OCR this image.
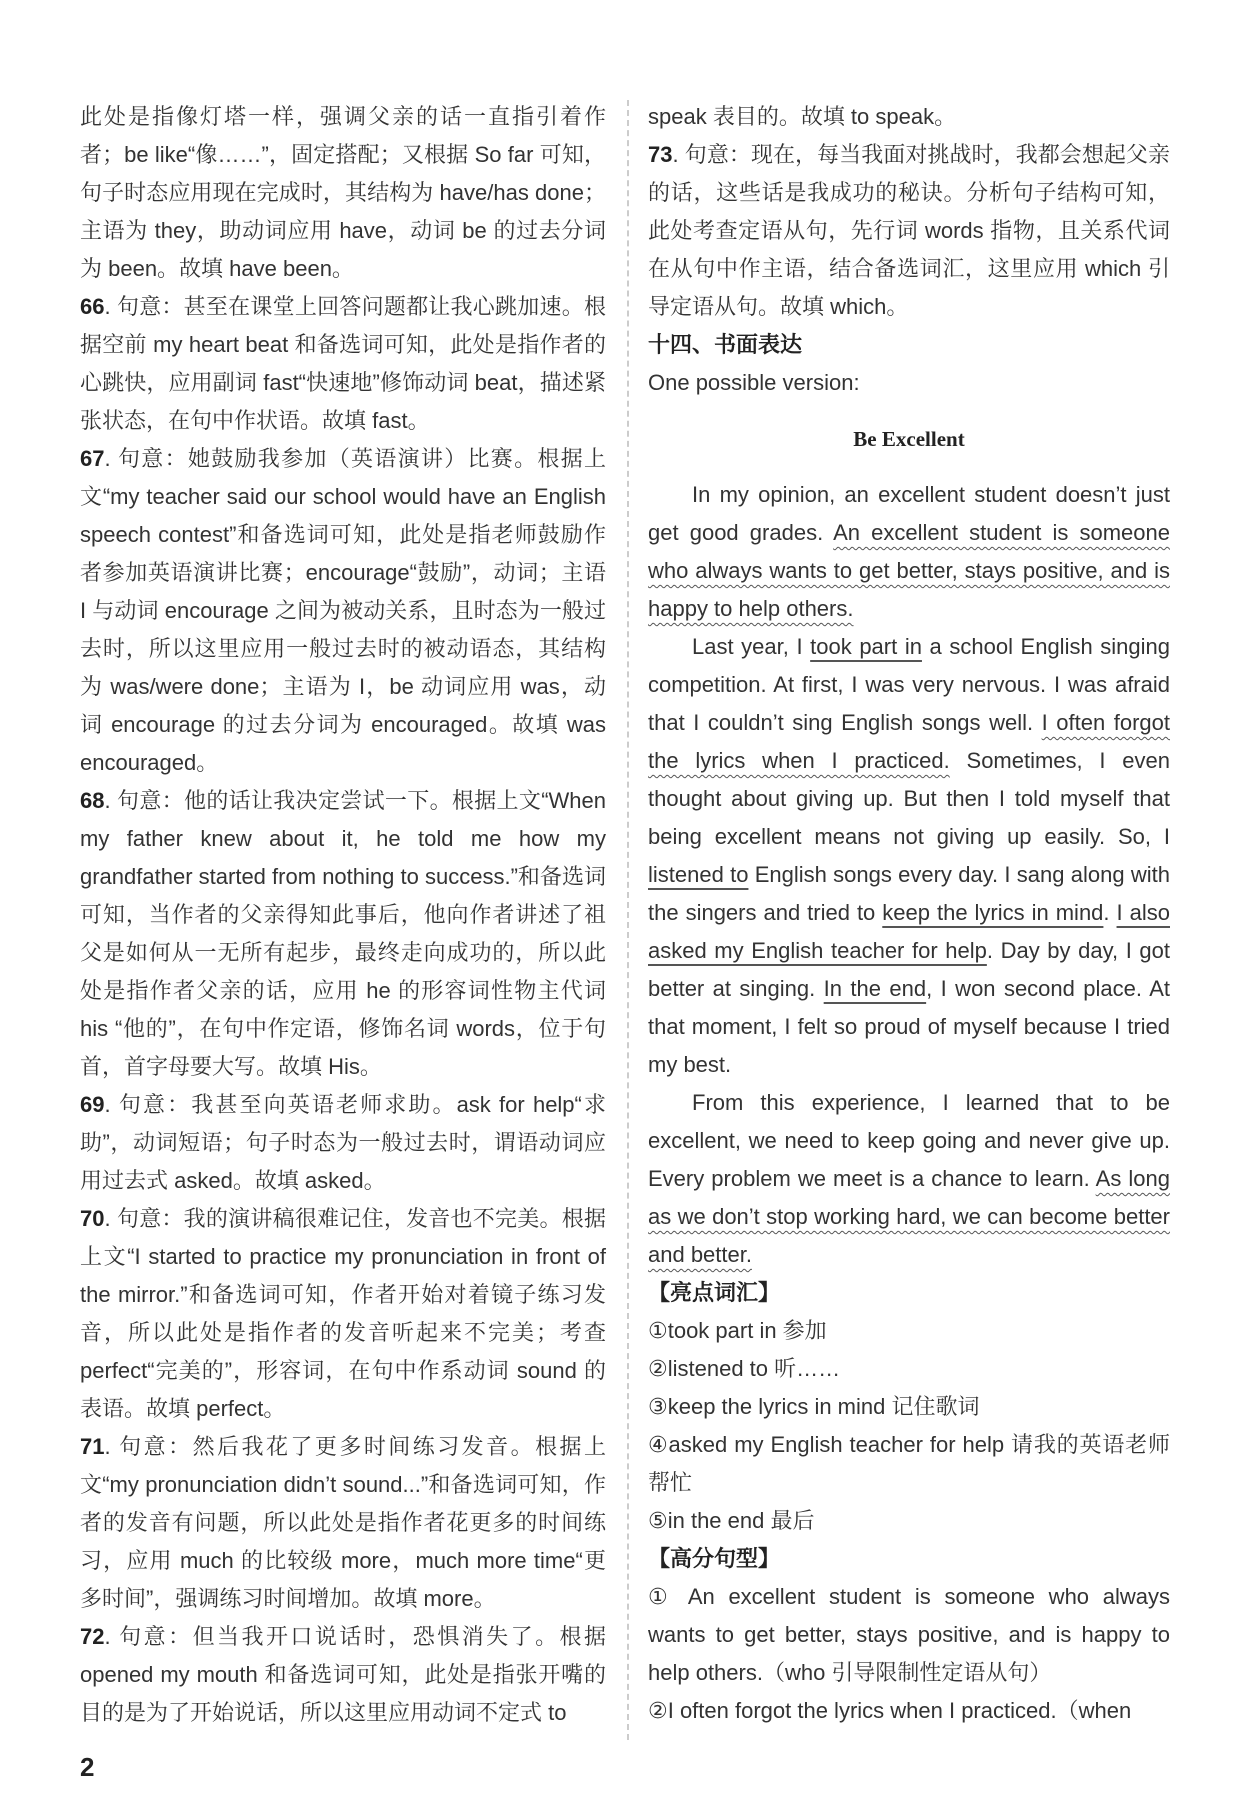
此处是指像灯塔一样，强调父亲的话一直指引着作者；be like“像……”，固定搭配；又根据 So far 可知，句子时态应用现在完成时，其结构为 have/has done；主语为 they，助动词应用 have，动词 be 的过去分词为 been。故填 have been。

66. 句意：甚至在课堂上回答问题都让我心跳加速。根据空前 my heart beat 和备选词可知，此处是指作者的心跳快，应用副词 fast“快速地”修饰动词 beat，描述紧张状态，在句中作状语。故填 fast。

67. 句意：她鼓励我参加（英语演讲）比赛。根据上文“my teacher said our school would have an English speech contest”和备选词可知，此处是指老师鼓励作者参加英语演讲比赛；encourage“鼓励”，动词；主语 I 与动词 encourage 之间为被动关系，且时态为一般过去时，所以这里应用一般过去时的被动语态，其结构为 was/were done；主语为 I，be 动词应用 was，动词 encourage 的过去分词为 encouraged。故填 was encouraged。

68. 句意：他的话让我决定尝试一下。根据上文“When my father knew about it, he told me how my grandfather started from nothing to success.”和备选词可知，当作者的父亲得知此事后，他向作者讲述了祖父是如何从一无所有起步，最终走向成功的，所以此处是指作者父亲的话，应用 he 的形容词性物主代词 his “他的”，在句中作定语，修饰名词 words，位于句首，首字母要大写。故填 His。

69. 句意：我甚至向英语老师求助。ask for help“求助”，动词短语；句子时态为一般过去时，谓语动词应用过去式 asked。故填 asked。

70. 句意：我的演讲稿很难记住，发音也不完美。根据上文“I started to practice my pronunciation in front of the mirror.”和备选词可知，作者开始对着镜子练习发音，所以此处是指作者的发音听起来不完美；考查 perfect“完美的”，形容词，在句中作系动词 sound 的表语。故填 perfect。

71. 句意：然后我花了更多时间练习发音。根据上文“my pronunciation didn’t sound...”和备选词可知，作者的发音有问题，所以此处是指作者花更多的时间练习，应用 much 的比较级 more，much more time“更多时间”，强调练习时间增加。故填 more。

72. 句意：但当我开口说话时，恐惧消失了。根据 opened my mouth 和备选词可知，此处是指张开嘴的目的是为了开始说话，所以这里应用动词不定式 to

speak 表目的。故填 to speak。

73. 句意：现在，每当我面对挑战时，我都会想起父亲的话，这些话是我成功的秘诀。分析句子结构可知，此处考查定语从句，先行词 words 指物，且关系代词在从句中作主语，结合备选词汇，这里应用 which 引导定语从句。故填 which。

十四、书面表达

One possible version:

Be Excellent

In my opinion, an excellent student doesn’t just get good grades. An excellent student is someone who always wants to get better, stays positive, and is happy to help others.

Last year, I took part in a school English singing competition. At first, I was very nervous. I was afraid that I couldn’t sing English songs well. I often forgot the lyrics when I practiced. Sometimes, I even thought about giving up. But then I told myself that being excellent means not giving up easily. So, I listened to English songs every day. I sang along with the singers and tried to keep the lyrics in mind. I also asked my English teacher for help. Day by day, I got better at singing. In the end, I won second place. At that moment, I felt so proud of myself because I tried my best.

From this experience, I learned that to be excellent, we need to keep going and never give up. Every problem we meet is a chance to learn. As long as we don’t stop working hard, we can become better and better.

【亮点词汇】

①took part in 参加

②listened to 听……

③keep the lyrics in mind 记住歌词

④asked my English teacher for help 请我的英语老师帮忙

⑤in the end 最后

【高分句型】

① An excellent student is someone who always wants to get better, stays positive, and is happy to help others.（who 引导限制性定语从句）

②I often forgot the lyrics when I practiced.（when

2
